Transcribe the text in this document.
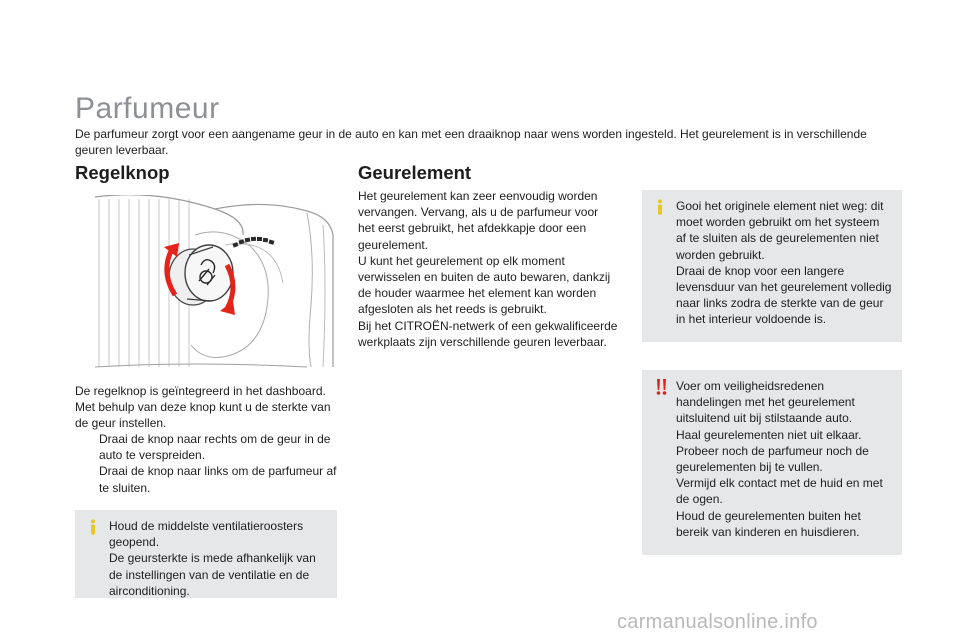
Parfumeur

De parfumeur zorgt voor een aangename geur in de auto en kan met een draaiknop naar wens worden ingesteld. Het geurelement is in verschillende geuren leverbaar.

Regelknop

De regelknop is geïntegreerd in het dashboard. Met behulp van deze knop kunt u de sterkte van de geur instellen.

Draai de knop naar rechts om de geur in de auto te verspreiden.
Draai de knop naar links om de parfumeur af te sluiten.
Houd de middelste ventilatieroosters geopend.
De geursterkte is mede afhankelijk van de instellingen van de ventilatie en de airconditioning.
Geurelement

Het geurelement kan zeer eenvoudig worden vervangen. Vervang, als u de parfumeur voor het eerst gebruikt, het afdekkapje door een geurelement.

U kunt het geurelement op elk moment verwisselen en buiten de auto bewaren, dankzij de houder waarmee het element kan worden afgesloten als het reeds is gebruikt.

Bij het CITROËN-netwerk of een gekwalificeerde werkplaats zijn verschillende geuren leverbaar.

Gooi het originele element niet weg: dit moet worden gebruikt om het systeem af te sluiten als de geurelementen niet worden gebruikt.
Draai de knop voor een langere levensduur van het geurelement volledig naar links zodra de sterkte van de geur in het interieur voldoende is.
Voer om veiligheidsredenen handelingen met het geurelement uitsluitend uit bij stilstaande auto.
Haal geurelementen niet uit elkaar.
Probeer noch de parfumeur noch de geurelementen bij te vullen.
Vermijd elk contact met de huid en met de ogen.
Houd de geurelementen buiten het bereik van kinderen en huisdieren.
carmanualsonline.info
